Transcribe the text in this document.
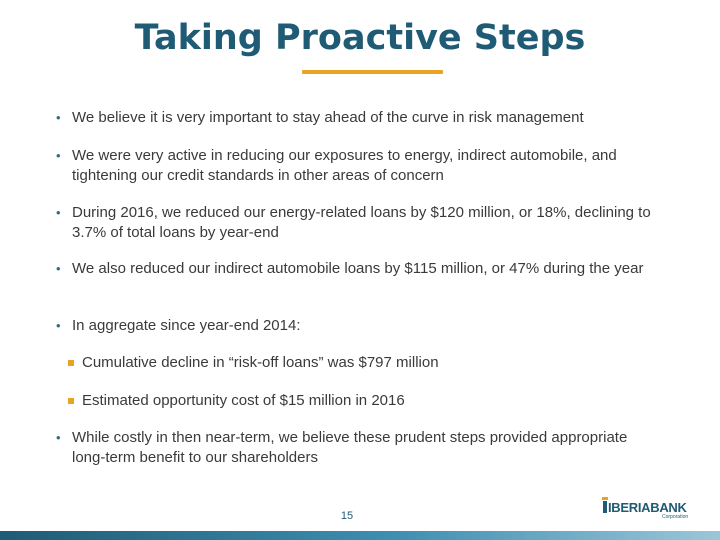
Taking Proactive Steps
• We believe it is very important to stay ahead of the curve in risk management
• We were very active in reducing our exposures to energy, indirect automobile, and tightening our credit standards in other areas of concern
• During 2016, we reduced our energy-related loans by $120 million, or 18%, declining to 3.7% of total loans by year-end
• We also reduced our indirect automobile loans by $115 million, or 47% during the year
• In aggregate since year-end 2014:
Cumulative decline in “risk-off loans” was $797 million
Estimated opportunity cost of $15 million in 2016
• While costly in then near-term, we believe these prudent steps provided appropriate long-term benefit to our shareholders
15
IBERIABANK
Corporation
